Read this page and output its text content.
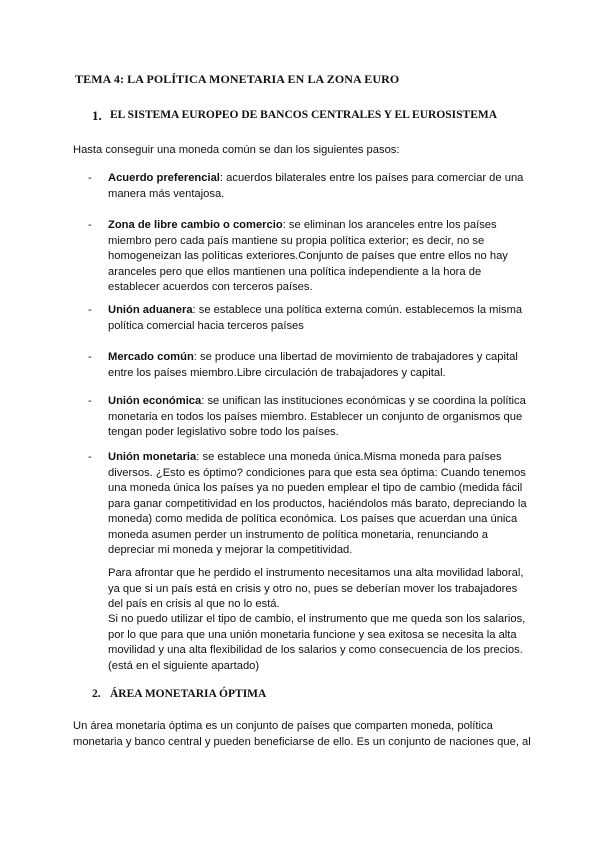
TEMA 4: LA POLÍTICA MONETARIA EN LA ZONA EURO
1. EL SISTEMA EUROPEO DE BANCOS CENTRALES Y EL EUROSISTEMA
Hasta conseguir una moneda común se dan los siguientes pasos:
- Acuerdo preferencial: acuerdos bilaterales entre los países para comerciar de una manera más ventajosa.
- Zona de libre cambio o comercio: se eliminan los aranceles entre los países miembro pero cada país mantiene su propia política exterior; es decir, no se homogeneizan las políticas exteriores.Conjunto de países que entre ellos no hay aranceles pero que ellos mantienen una política independiente a la hora de establecer acuerdos con terceros países.
- Unión aduanera: se establece una política externa común. establecemos la misma política comercial hacia terceros países
- Mercado común: se produce una libertad de movimiento de trabajadores y capital entre los países miembro.Libre circulación de trabajadores y capital.
- Unión económica: se unifican las instituciones económicas y se coordina la política monetaria en todos los países miembro. Establecer un conjunto de organismos que tengan poder legislativo sobre todo los países.
- Unión monetaria: se establece una moneda única.Misma moneda para países diversos. ¿Esto es óptimo? condiciones para que esta sea óptima: Cuando tenemos una moneda única los países ya no pueden emplear el tipo de cambio (medida fácil para ganar competitividad en los productos, haciéndolos más barato, depreciando la moneda) como medida de política económica. Los países que acuerdan una única moneda asumen perder un instrumento de política monetaria, renunciando a depreciar mi moneda y mejorar la competitividad.
Para afrontar que he perdido el instrumento necesitamos una alta movilidad laboral, ya que si un país está en crisis y otro no, pues se deberían mover los trabajadores del país en crisis al que no lo está.
Si no puedo utilizar el tipo de cambio, el instrumento que me queda son los salarios, por lo que para que una unión monetaria funcione y sea exitosa se necesita la alta movilidad y una alta flexibilidad de los salarios y como consecuencia de los precios.(está en el siguiente apartado)
2. ÁREA MONETARIA ÓPTIMA
Un área monetaria óptima es un conjunto de países que comparten moneda, política monetaria y banco central y pueden beneficiarse de ello. Es un conjunto de naciones que, al
